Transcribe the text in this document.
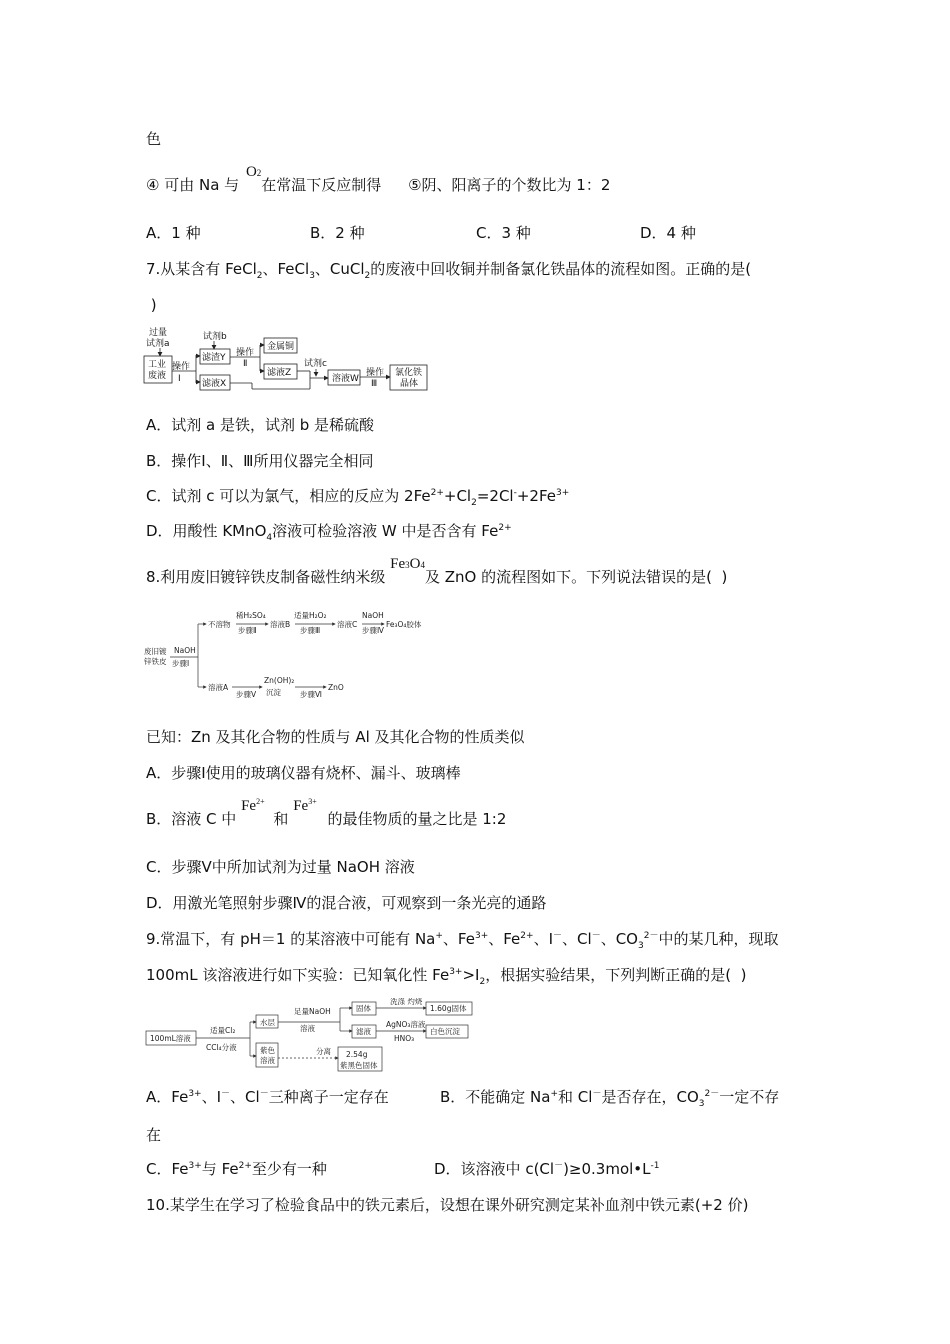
色
④ 可由 Na 与 O2在常温下反应制得 ⑤阴、阳离子的个数比为 1：2
A．1 种	B．2 种	C．3 种	D．4 种
7.从某含有 FeCl$_2$、FeCl$_3$、CuCl$_2$的废液中回收铜并制备氯化铁晶体的流程如图。正确的是(
)
过量
试剂a
工业
废液
操作
Ⅰ
试剂b
滤渣Y
滤液X
操作
Ⅱ
金属铜
滤液Z
试剂c
溶液W
操作
Ⅲ
氯化铁
晶体
A．试剂 a 是铁，试剂 b 是稀硫酸
B．操作Ⅰ、Ⅱ、Ⅲ所用仪器完全相同
C．试剂 c 可以为氯气，相应的反应为 $2Fe^{2+}+Cl_2=2Cl^-+2Fe^{3+}$
D．用酸性 KMnO$_4$溶液可检验溶液 W 中是否含有 $Fe^{2+}$
8.利用废旧镀锌铁皮制备磁性纳米级 Fe3O4及 ZnO 的流程图如下。下列说法错误的是( )
废旧镀
锌铁皮
NaOH
步骤Ⅰ
不溶物
稀H₂SO₄
步骤Ⅱ
溶液B
适量H₂O₂
步骤Ⅲ
溶液C
NaOH
步骤Ⅳ
Fe₃O₄胶体
溶液A
步骤Ⅴ
Zn(OH)₂
沉淀	步骤Ⅵ
ZnO
已知：Zn 及其化合物的性质与 Al 及其化合物的性质类似
A．步骤Ⅰ使用的玻璃仪器有烧杯、漏斗、玻璃棒
B．溶液 C 中 $Fe^{2+}$ 和 $Fe^{3+}$ 的最佳物质的量之比是 1:2
C．步骤Ⅴ中所加试剂为过量 NaOH 溶液
D．用激光笔照射步骤Ⅳ的混合液，可观察到一条光亮的通路
9.常温下，有 pH＝1 的某溶液中可能有 Na+、$Fe^{3+}$、$Fe^{2+}$、I－、Cl－、$CO_3^{2-}$中的某几种，现取
100mL 该溶液进行如下实验：已知氧化性 $Fe^{3+}>I_2$，根据实验结果，下列判断正确的是( )
100mL溶液
适量Cl₂
CCl₄分液
水层
紫色
溶液
足量NaOH
溶液
固体
洗涤 灼烧
1.60g固体
滤液
AgNO₃溶液
HNO₃
白色沉淀
分离 2.54g
紫黑色固体
A．$Fe^{3+}$、I－、Cl－三种离子一定存在	B．不能确定 Na+和 Cl－是否存在，$CO_3^{2-}$一定不存
在
C．$Fe^{3+}$与 $Fe^{2+}$至少有一种	D．该溶液中 $c(Cl^-)\ge 0.3mol•L^{-1}$
10.某学生在学习了检验食品中的铁元素后，设想在课外研究测定某补血剂中铁元素(+2 价)
